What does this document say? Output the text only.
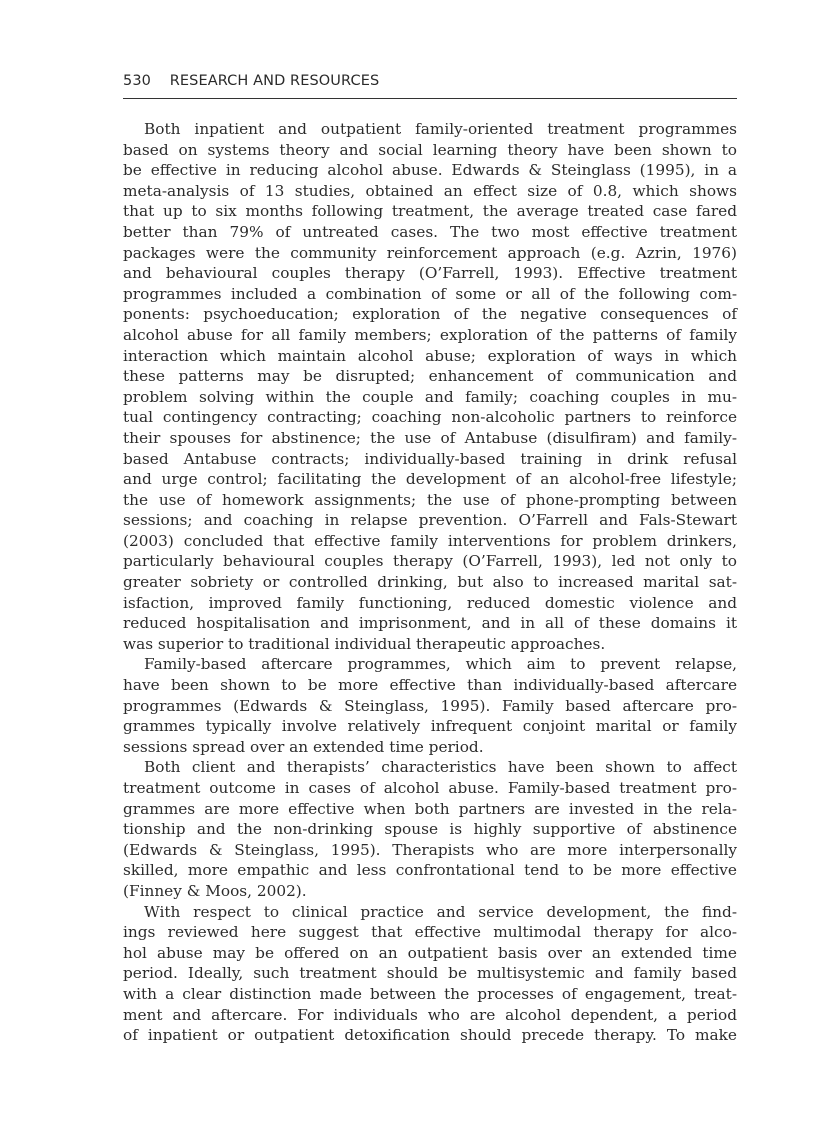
530 RESEARCH AND RESOURCES
Both inpatient and outpatient family-oriented treatment programmes
based on systems theory and social learning theory have been shown to
be effective in reducing alcohol abuse. Edwards & Steinglass (1995), in a
meta-analysis of 13 studies, obtained an effect size of 0.8, which shows
that up to six months following treatment, the average treated case fared
better than 79% of untreated cases. The two most effective treatment
packages were the community reinforcement approach (e.g. Azrin, 1976)
and behavioural couples therapy (O’Farrell, 1993). Effective treatment
programmes included a combination of some or all of the following com-
ponents: psychoeducation; exploration of the negative consequences of
alcohol abuse for all family members; exploration of the patterns of family
interaction which maintain alcohol abuse; exploration of ways in which
these patterns may be disrupted; enhancement of communication and
problem solving within the couple and family; coaching couples in mu-
tual contingency contracting; coaching non-alcoholic partners to reinforce
their spouses for abstinence; the use of Antabuse (disulfiram) and family-
based Antabuse contracts; individually-based training in drink refusal
and urge control; facilitating the development of an alcohol-free lifestyle;
the use of homework assignments; the use of phone-prompting between
sessions; and coaching in relapse prevention. O’Farrell and Fals-Stewart
(2003) concluded that effective family interventions for problem drinkers,
particularly behavioural couples therapy (O’Farrell, 1993), led not only to
greater sobriety or controlled drinking, but also to increased marital sat-
isfaction, improved family functioning, reduced domestic violence and
reduced hospitalisation and imprisonment, and in all of these domains it
was superior to traditional individual therapeutic approaches.
Family-based aftercare programmes, which aim to prevent relapse,
have been shown to be more effective than individually-based aftercare
programmes (Edwards & Steinglass, 1995). Family based aftercare pro-
grammes typically involve relatively infrequent conjoint marital or family
sessions spread over an extended time period.
Both client and therapists’ characteristics have been shown to affect
treatment outcome in cases of alcohol abuse. Family-based treatment pro-
grammes are more effective when both partners are invested in the rela-
tionship and the non-drinking spouse is highly supportive of abstinence
(Edwards & Steinglass, 1995). Therapists who are more interpersonally
skilled, more empathic and less confrontational tend to be more effective
(Finney & Moos, 2002).
With respect to clinical practice and service development, the find-
ings reviewed here suggest that effective multimodal therapy for alco-
hol abuse may be offered on an outpatient basis over an extended time
period. Ideally, such treatment should be multisystemic and family based
with a clear distinction made between the processes of engagement, treat-
ment and aftercare. For individuals who are alcohol dependent, a period
of inpatient or outpatient detoxification should precede therapy. To make
